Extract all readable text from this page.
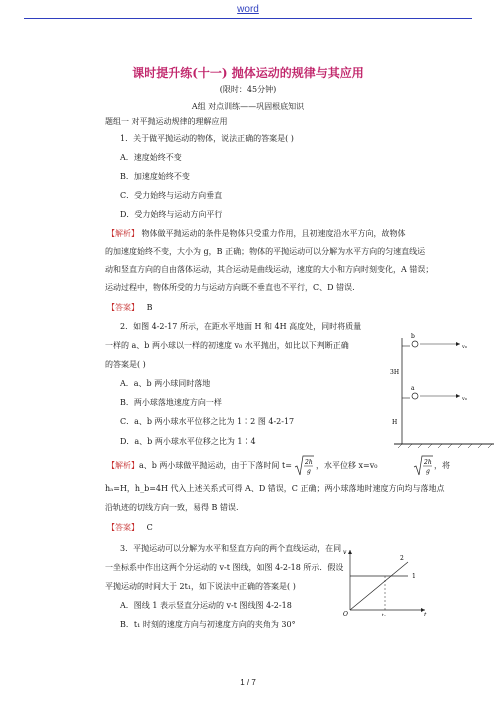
word
课时提升练(十一) 抛体运动的规律与其应用
(限时：45分钟)
A组 对点训练——巩固根底知识
题组一 对平抛运动规律的理解应用
1．关于做平抛运动的物体，说法正确的答案是( )
A．速度始终不变
B．加速度始终不变
C．受力始终与运动方向垂直
D．受力始终与运动方向平行
【解析】 物体做平抛运动的条件是物体只受重力作用，且初速度沿水平方向，故物体
的加速度始终不变，大小为 g，B 正确；物体的平抛运动可以分解为水平方向的匀速直线运
动和竖直方向的自由落体运动，其合运动是曲线运动，速度的大小和方向时刻变化，A 错误；
运动过程中，物体所受的力与运动方向既不垂直也不平行，C、D 错误.
【答案】 B
2．如图 4-2-17 所示，在距水平地面 H 和 4H 高度处，同时将质量
一样的 a、b 两小球以一样的初速度 v₀ 水平抛出，如比以下判断正确
的答案是( )
A．a、b 两小球同时落地
B．两小球落地速度方向一样
C．a、b 两小球水平位移之比为 1∶2 图 4-2-17
D．a、b 两小球水平位移之比为 1∶4
b
a
v₀
v₀
3H
H
【解析】a、b 两小球做平抛运动，由于下落时间 t= 2h
g
，水平位移 x=v₀	2h
g
，将
hₐ=H，h_b=4H 代入上述关系式可得 A、D 错误，C 正确；两小球落地时速度方向均与落地点
沿轨迹的切线方向一致，易得 B 错误.
【答案】 C
3．平抛运动可以分解为水平和竖直方向的两个直线运动，在同
一坐标系中作出这两个分运动的 v-t 图线，如图 4-2-18 所示．假设
平抛运动的时间大于 2t₁，如下说法中正确的答案是( )
A．图线 1 表示竖直分运动的 v-t 图线图 4-2-18
B．t₁ 时刻的速度方向与初速度方向的夹角为 30°
v
t
O	t₁
1
2
1 / 7
